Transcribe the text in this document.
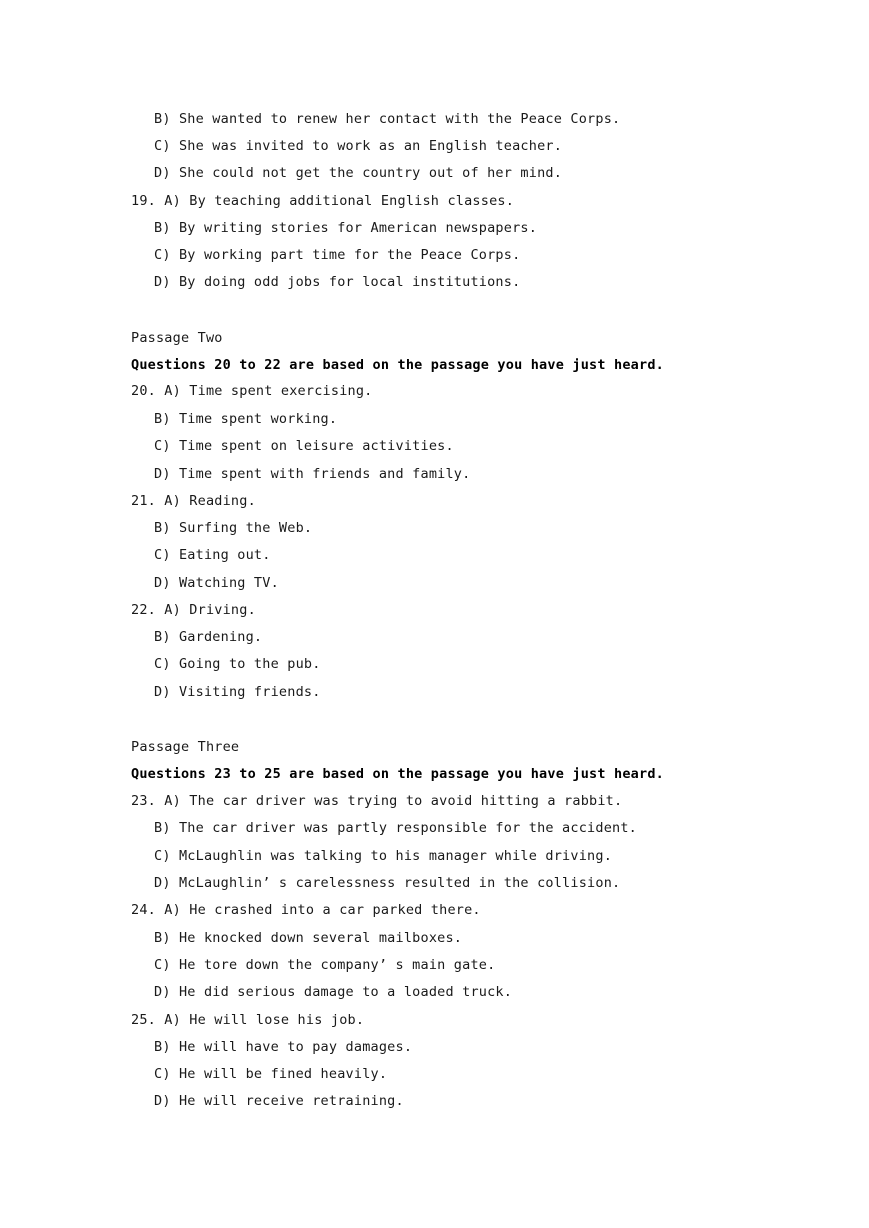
B) She wanted to renew her contact with the Peace Corps.
C) She was invited to work as an English teacher.
D) She could not get the country out of her mind.
19. A) By teaching additional English classes.
B) By writing stories for American newspapers.
C) By working part time for the Peace Corps.
D) By doing odd jobs for local institutions.
Passage Two
Questions 20 to 22 are based on the passage you have just heard.
20. A) Time spent exercising.
B) Time spent working.
C) Time spent on leisure activities.
D) Time spent with friends and family.
21. A) Reading.
B) Surfing the Web.
C) Eating out.
D) Watching TV.
22. A) Driving.
B) Gardening.
C) Going to the pub.
D) Visiting friends.
Passage Three
Questions 23 to 25 are based on the passage you have just heard.
23. A) The car driver was trying to avoid hitting a rabbit.
B) The car driver was partly responsible for the accident.
C) McLaughlin was talking to his manager while driving.
D) McLaughlin’ s carelessness resulted in the collision.
24. A) He crashed into a car parked there.
B) He knocked down several mailboxes.
C) He tore down the company’ s main gate.
D) He did serious damage to a loaded truck.
25. A) He will lose his job.
B) He will have to pay damages.
C) He will be fined heavily.
D) He will receive retraining.
